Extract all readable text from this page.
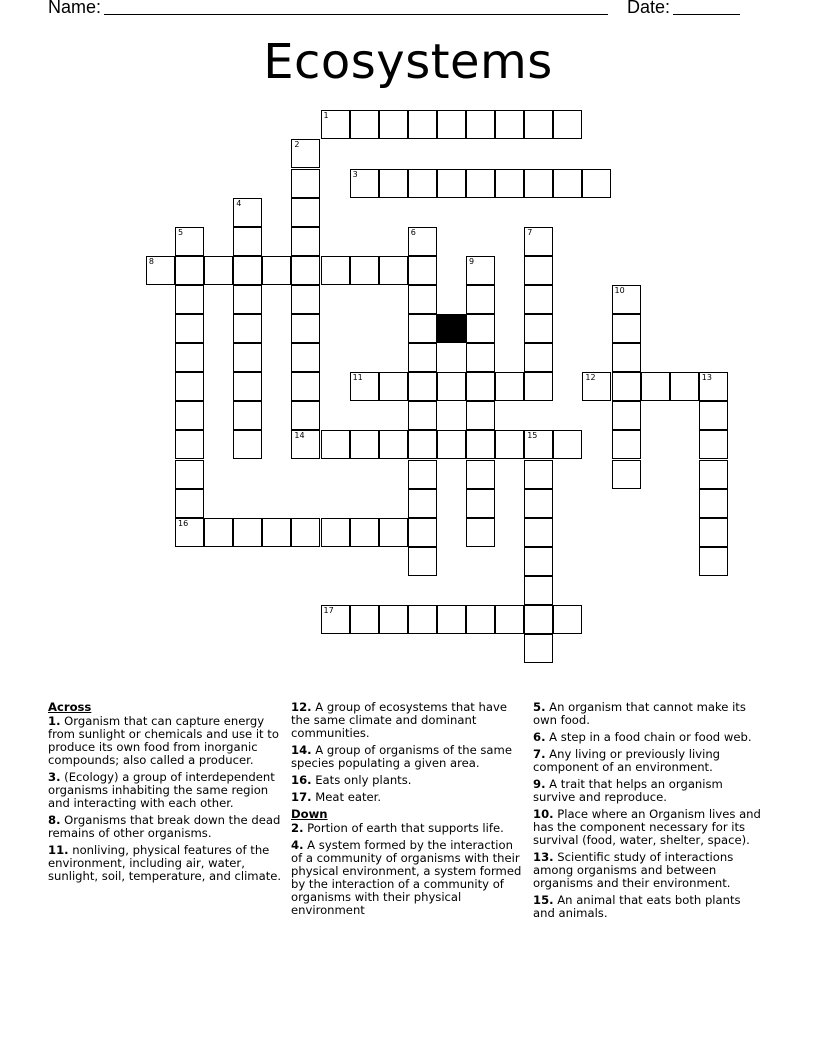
Name:	Date:
Ecosystems
1
2
3
4
5
16
6	7
8	9
10
11	12	13
14	15
17
Across
1. Organism that can capture energy from sunlight or chemicals and use it to produce its own food from inorganic compounds; also called a producer.
3. (Ecology) a group of interdependent organisms inhabiting the same region and interacting with each other.
8. Organisms that break down the dead remains of other organisms.
11. nonliving, physical features of the environment, including air, water, sunlight, soil, temperature, and climate.
12. A group of ecosystems that have the same climate and dominant communities.
14. A group of organisms of the same species populating a given area.
16. Eats only plants.
17. Meat eater.
Down
2. Portion of earth that supports life.
4. A system formed by the interaction of a community of organisms with their physical environment, a system formed by the interaction of a community of organisms with their physical environment
5. An organism that cannot make its own food.
6. A step in a food chain or food web.
7. Any living or previously living component of an environment.
9. A trait that helps an organism survive and reproduce.
10. Place where an Organism lives and has the component necessary for its survival (food, water, shelter, space).
13. Scientific study of interactions among organisms and between organisms and their environment.
15. An animal that eats both plants and animals.
